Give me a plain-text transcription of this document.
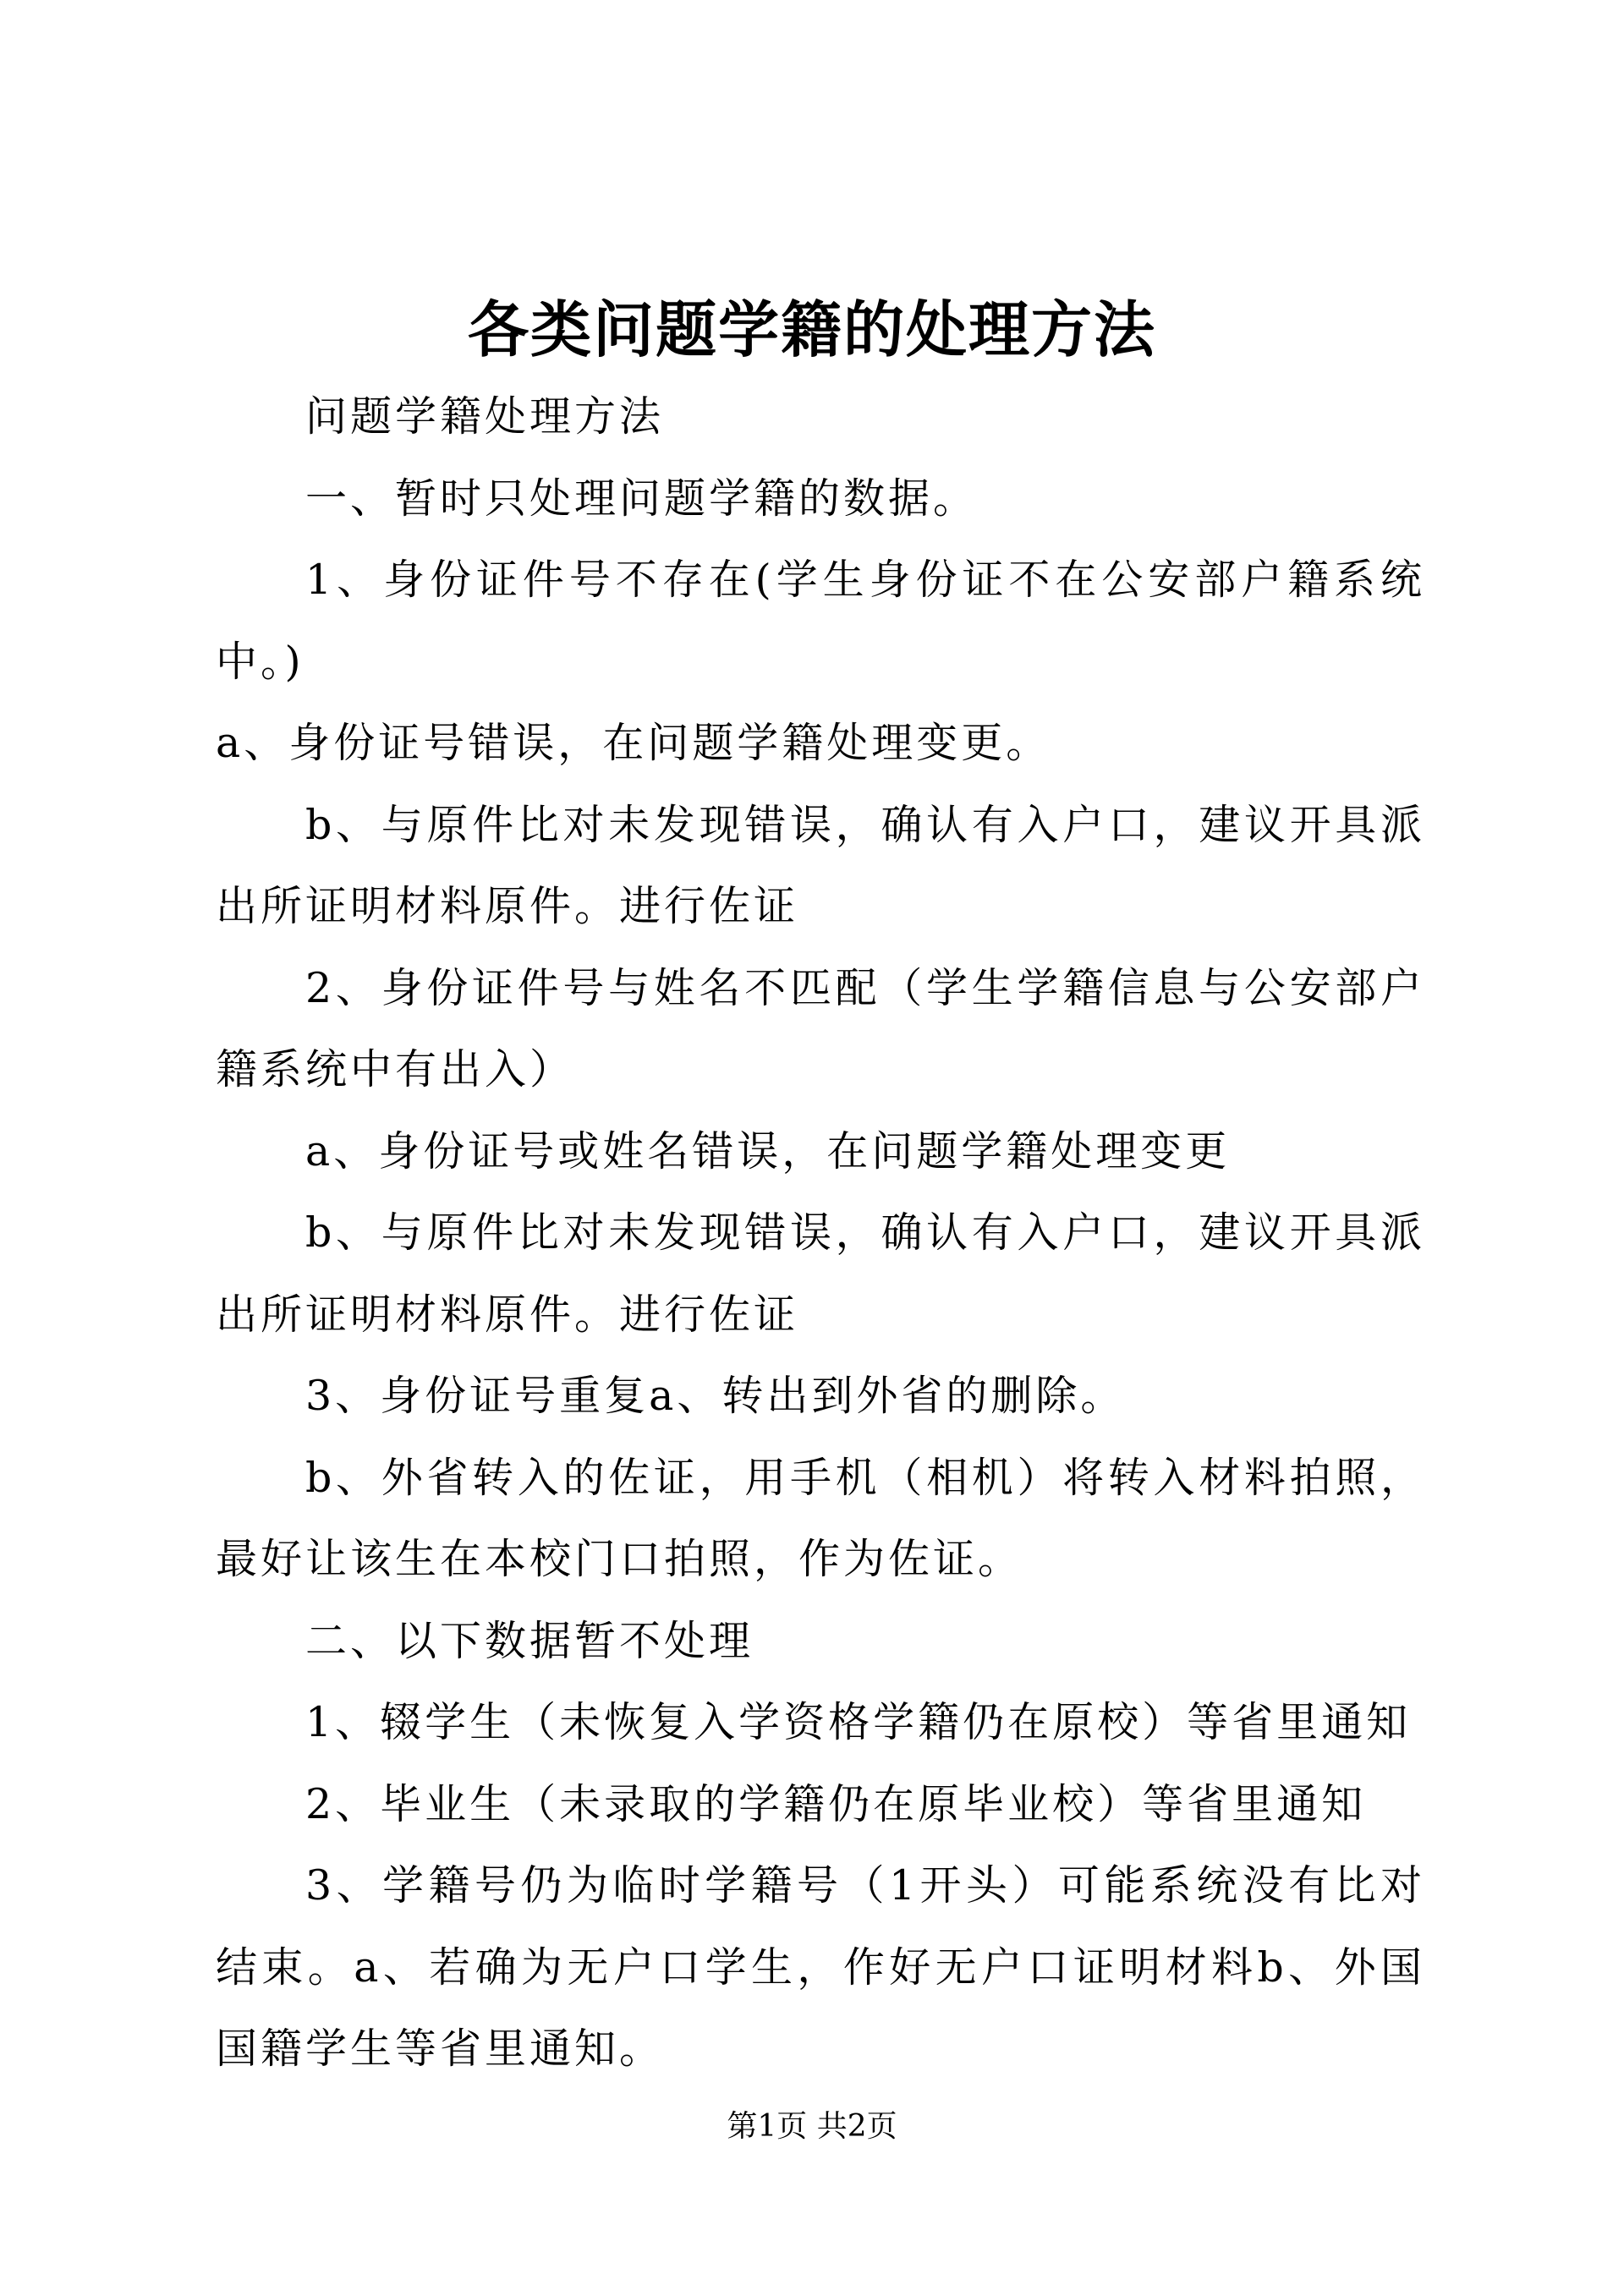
各类问题学籍的处理方法

问题学籍处理方法

一、暂时只处理问题学籍的数据。

1、身份证件号不存在(学生身份证不在公安部户籍系统中。)

a、身份证号错误，在问题学籍处理变更。

b、与原件比对未发现错误，确认有入户口，建议开具派出所证明材料原件。进行佐证

2、身份证件号与姓名不匹配（学生学籍信息与公安部户籍系统中有出入）

a、身份证号或姓名错误，在问题学籍处理变更

b、与原件比对未发现错误，确认有入户口，建议开具派出所证明材料原件。进行佐证

3、身份证号重复a、转出到外省的删除。

b、外省转入的佐证，用手机（相机）将转入材料拍照，最好让该生在本校门口拍照，作为佐证。

二、以下数据暂不处理

1、辍学生（未恢复入学资格学籍仍在原校）等省里通知

2、毕业生（未录取的学籍仍在原毕业校）等省里通知

3、学籍号仍为临时学籍号（1开头）可能系统没有比对结束。a、若确为无户口学生，作好无户口证明材料b、外国国籍学生等省里通知。

第1页 共2页
